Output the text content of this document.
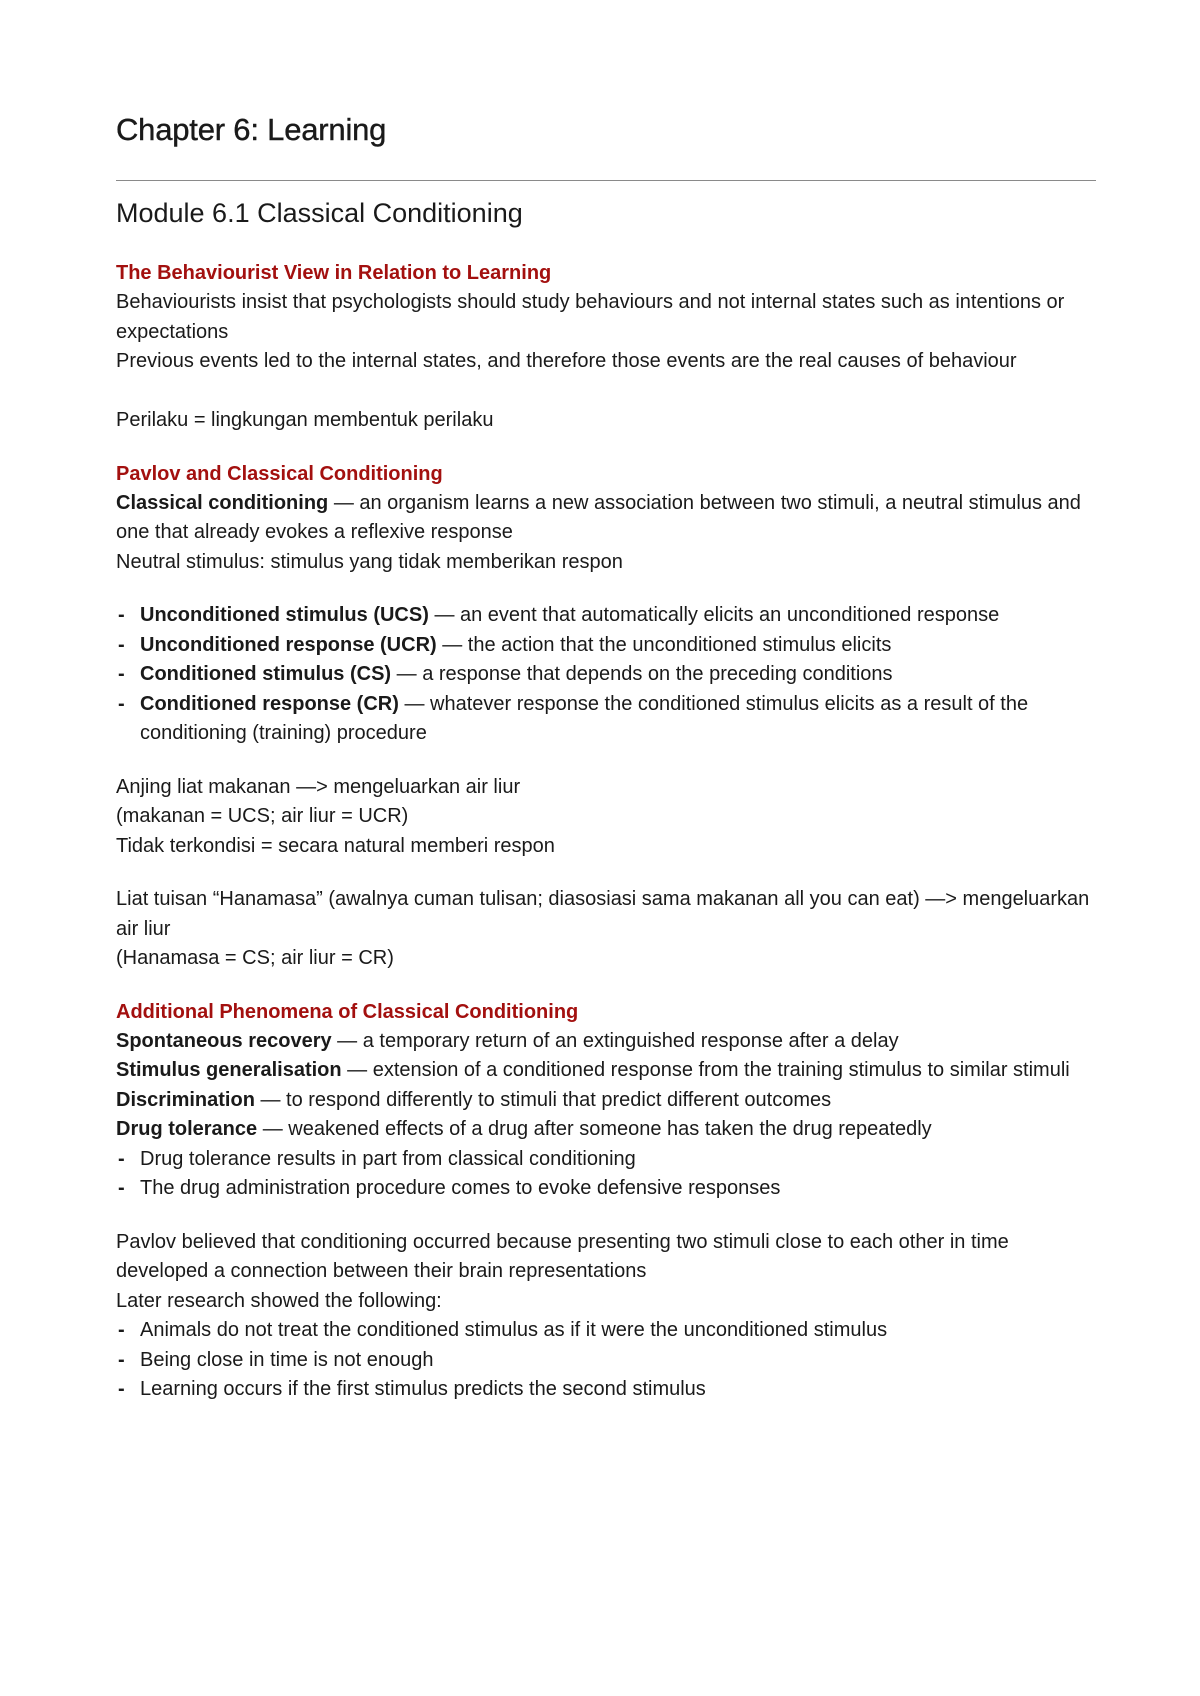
Chapter 6: Learning
Module 6.1 Classical Conditioning
The Behaviourist View in Relation to Learning

Behaviourists insist that psychologists should study behaviours and not internal states such as intentions or expectations

Previous events led to the internal states, and therefore those events are the real causes of behaviour

Perilaku = lingkungan membentuk perilaku

Pavlov and Classical Conditioning

Classical conditioning — an organism learns a new association between two stimuli, a neutral stimulus and one that already evokes a reflexive response

Neutral stimulus: stimulus yang tidak memberikan respon

- Unconditioned stimulus (UCS) — an event that automatically elicits an unconditioned response
- Unconditioned response (UCR) — the action that the unconditioned stimulus elicits
- Conditioned stimulus (CS) — a response that depends on the preceding conditions
- Conditioned response (CR) — whatever response the conditioned stimulus elicits as a result of the conditioning (training) procedure

Anjing liat makanan —> mengeluarkan air liur

(makanan = UCS; air liur = UCR)

Tidak terkondisi = secara natural memberi respon

Liat tuisan “Hanamasa” (awalnya cuman tulisan; diasosiasi sama makanan all you can eat) —> mengeluarkan air liur

(Hanamasa = CS; air liur = CR)

Additional Phenomena of Classical Conditioning

Spontaneous recovery — a temporary return of an extinguished response after a delay

Stimulus generalisation — extension of a conditioned response from the training stimulus to similar stimuli

Discrimination — to respond differently to stimuli that predict different outcomes

Drug tolerance — weakened effects of a drug after someone has taken the drug repeatedly

- Drug tolerance results in part from classical conditioning
- The drug administration procedure comes to evoke defensive responses

Pavlov believed that conditioning occurred because presenting two stimuli close to each other in time developed a connection between their brain representations

Later research showed the following:

- Animals do not treat the conditioned stimulus as if it were the unconditioned stimulus
- Being close in time is not enough
- Learning occurs if the first stimulus predicts the second stimulus
